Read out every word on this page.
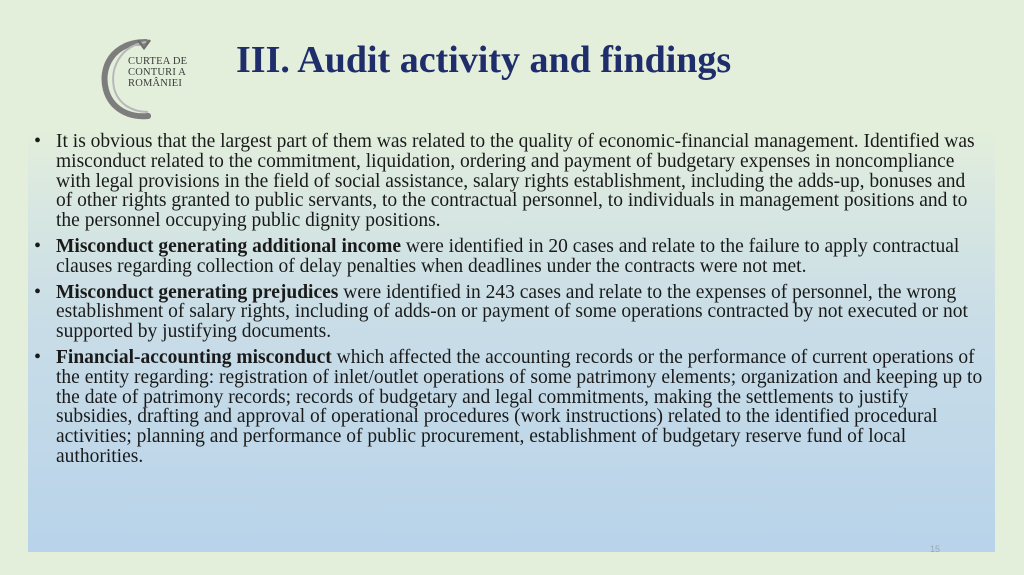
CURTEA DE
CONTURI A
ROMÂNIEI
III. Audit activity and findings
• It is obvious that the largest part of them was related to the quality of economic-financial management. Identified was misconduct related to the commitment, liquidation, ordering and payment of budgetary expenses in noncompliance with legal provisions in the field of social assistance, salary rights establishment, including the adds-up, bonuses and of other rights granted to public servants, to the contractual personnel, to individuals in management positions and to the personnel occupying public dignity positions.
• Misconduct generating additional income were identified in 20 cases and relate to the failure to apply contractual clauses regarding collection of delay penalties when deadlines under the contracts were not met.
• Misconduct generating prejudices were identified in 243 cases and relate to the expenses of personnel, the wrong establishment of salary rights, including of adds-on or payment of some operations contracted by not executed or not supported by justifying documents.
• Financial-accounting misconduct which affected the accounting records or the performance of current operations of the entity regarding: registration of inlet/outlet operations of some patrimony elements; organization and keeping up to the date of patrimony records; records of budgetary and legal commitments, making the settlements to justify subsidies, drafting and approval of operational procedures (work instructions) related to the identified procedural activities; planning and performance of public procurement, establishment of budgetary reserve fund of local authorities.
15
